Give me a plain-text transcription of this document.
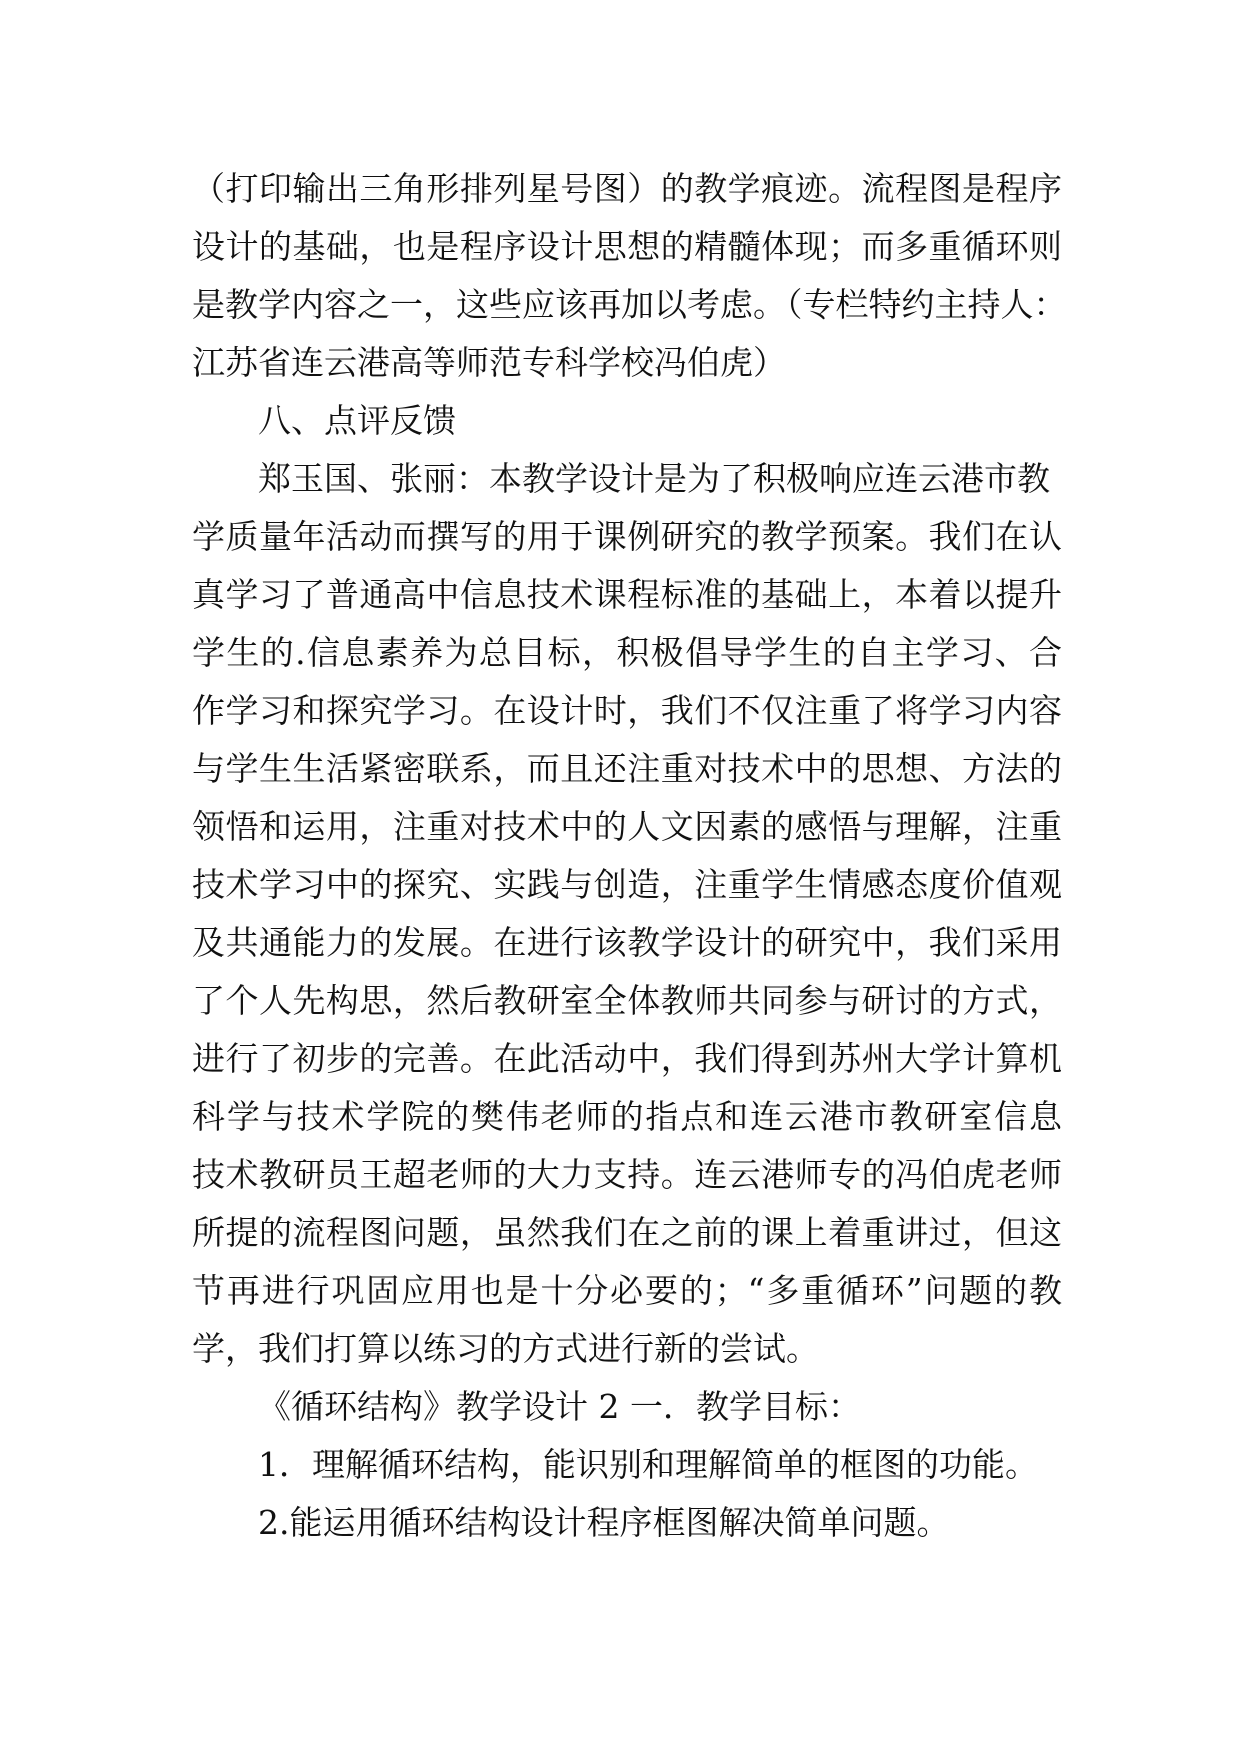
（打印输出三角形排列星号图）的教学痕迹。流程图是程序
设计的基础，也是程序设计思想的精髓体现；而多重循环则
是教学内容之一，这些应该再加以考虑。（专栏特约主持人：
江苏省连云港高等师范专科学校冯伯虎）
八、点评反馈
郑玉国、张丽：本教学设计是为了积极响应连云港市教
学质量年活动而撰写的用于课例研究的教学预案。我们在认
真学习了普通高中信息技术课程标准的基础上，本着以提升
学生的.信息素养为总目标，积极倡导学生的自主学习、合
作学习和探究学习。在设计时，我们不仅注重了将学习内容
与学生生活紧密联系，而且还注重对技术中的思想、方法的
领悟和运用，注重对技术中的人文因素的感悟与理解，注重
技术学习中的探究、实践与创造，注重学生情感态度价值观
及共通能力的发展。在进行该教学设计的研究中，我们采用
了个人先构思，然后教研室全体教师共同参与研讨的方式，
进行了初步的完善。在此活动中，我们得到苏州大学计算机
科学与技术学院的樊伟老师的指点和连云港市教研室信息
技术教研员王超老师的大力支持。连云港师专的冯伯虎老师
所提的流程图问题，虽然我们在之前的课上着重讲过，但这
节再进行巩固应用也是十分必要的；“多重循环”问题的教
学，我们打算以练习的方式进行新的尝试。
《循环结构》教学设计 2 一．教学目标：
1．理解循环结构，能识别和理解简单的框图的功能。
2.能运用循环结构设计程序框图解决简单问题。
